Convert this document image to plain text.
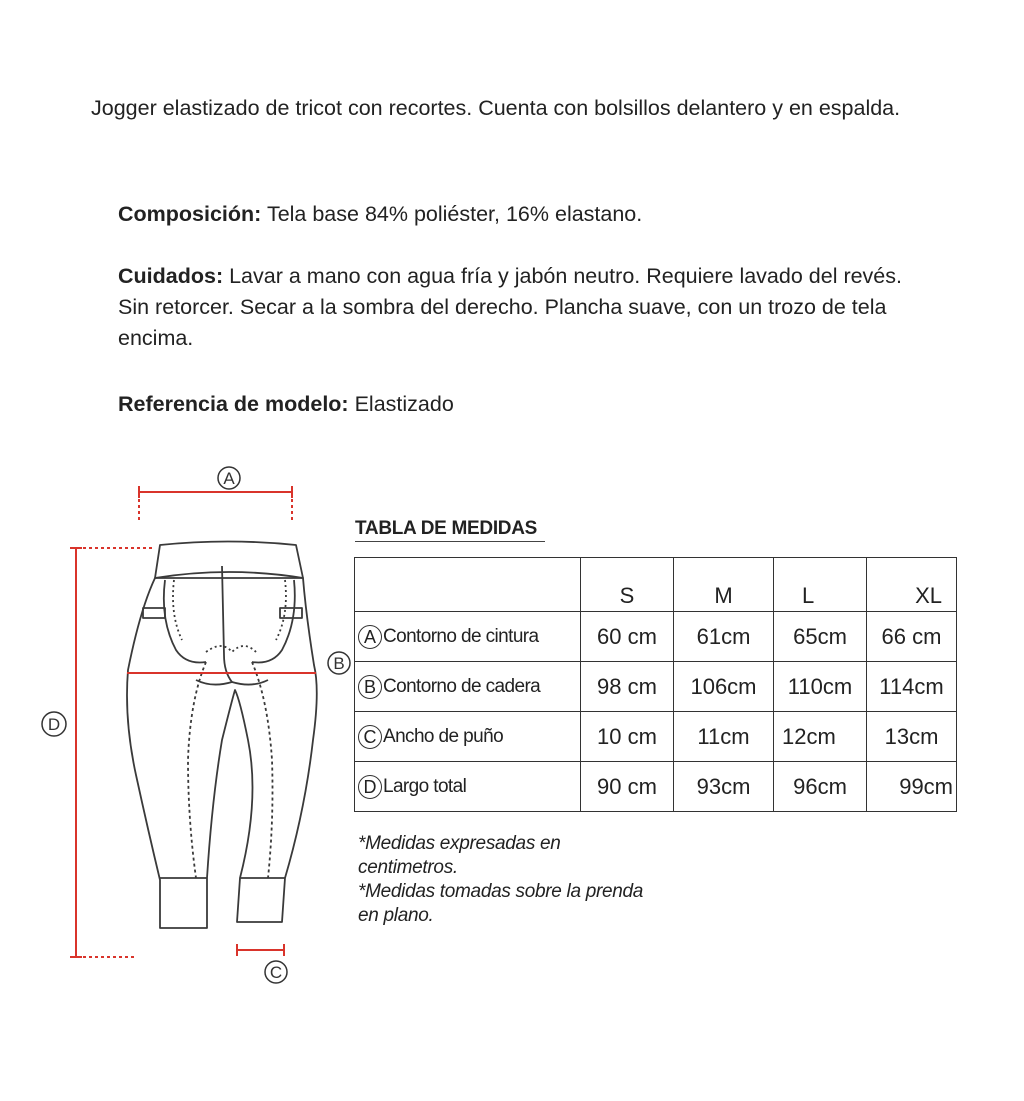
Jogger elastizado de tricot con recortes. Cuenta con bolsillos delantero y en espalda.
Composición: Tela base 84% poliéster, 16% elastano.
Cuidados: Lavar a mano con agua fría y jabón neutro. Requiere lavado del revés. Sin retorcer. Secar a la sombra del derecho. Plancha suave, con un trozo de tela encima.
Referencia de modelo: Elastizado
A
B
C
D
TABLA DE MEDIDAS
	S	M	L	XL
A Contorno de cintura	60 cm	61cm	65cm	66 cm
B Contorno de cadera	98 cm	106cm	110cm	114cm
C Ancho de puño	10 cm	11cm	12cm	13cm
D Largo total	90 cm	93cm	96cm	99cm
*Medidas expresadas en centimetros.
*Medidas tomadas sobre la prenda en plano.
